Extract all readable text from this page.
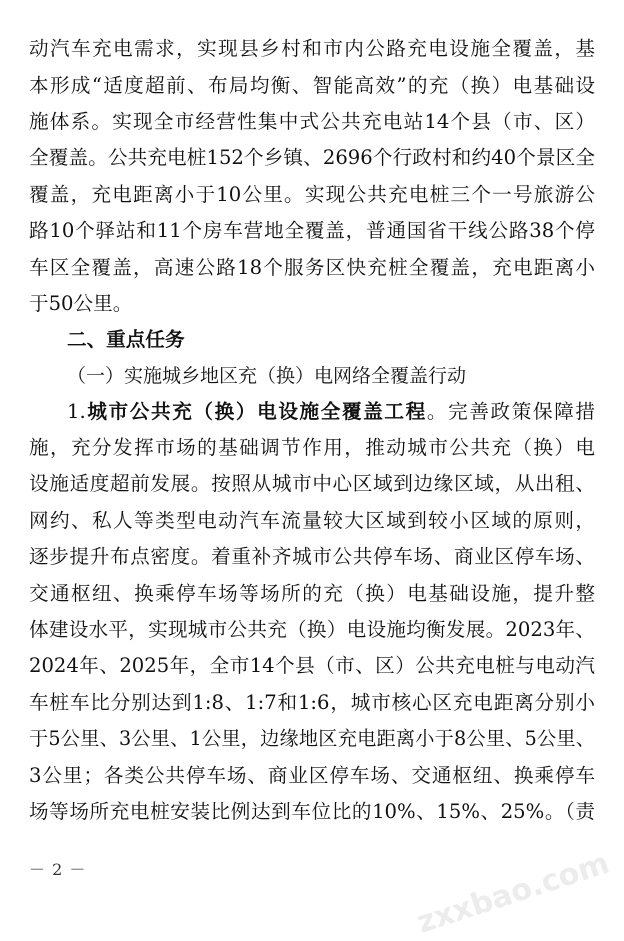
动汽车充电需求，实现县乡村和市内公路充电设施全覆盖，基
本形成“适度超前、布局均衡、智能高效”的充（换）电基础设
施体系。实现全市经营性集中式公共充电站14个县（市、区）
全覆盖。公共充电桩152个乡镇、2696个行政村和约40个景区全
覆盖，充电距离小于10公里。实现公共充电桩三个一号旅游公
路10个驿站和11个房车营地全覆盖，普通国省干线公路38个停
车区全覆盖，高速公路18个服务区快充桩全覆盖，充电距离小
于50公里。
二、重点任务
（一）实施城乡地区充（换）电网络全覆盖行动
1.城市公共充（换）电设施全覆盖工程。完善政策保障措
施，充分发挥市场的基础调节作用，推动城市公共充（换）电
设施适度超前发展。按照从城市中心区域到边缘区域，从出租、
网约、私人等类型电动汽车流量较大区域到较小区域的原则，
逐步提升布点密度。着重补齐城市公共停车场、商业区停车场、
交通枢纽、换乘停车场等场所的充（换）电基础设施，提升整
体建设水平，实现城市公共充（换）电设施均衡发展。2023年、
2024年、2025年，全市14个县（市、区）公共充电桩与电动汽
车桩车比分别达到1:8、1:7和1:6，城市核心区充电距离分别小
于5公里、3公里、1公里，边缘地区充电距离小于8公里、5公里、
3公里；各类公共停车场、商业区停车场、交通枢纽、换乘停车
场等场所充电桩安装比例达到车位比的10%、15%、25%。（责
－ 2 －	zxxbao.com
